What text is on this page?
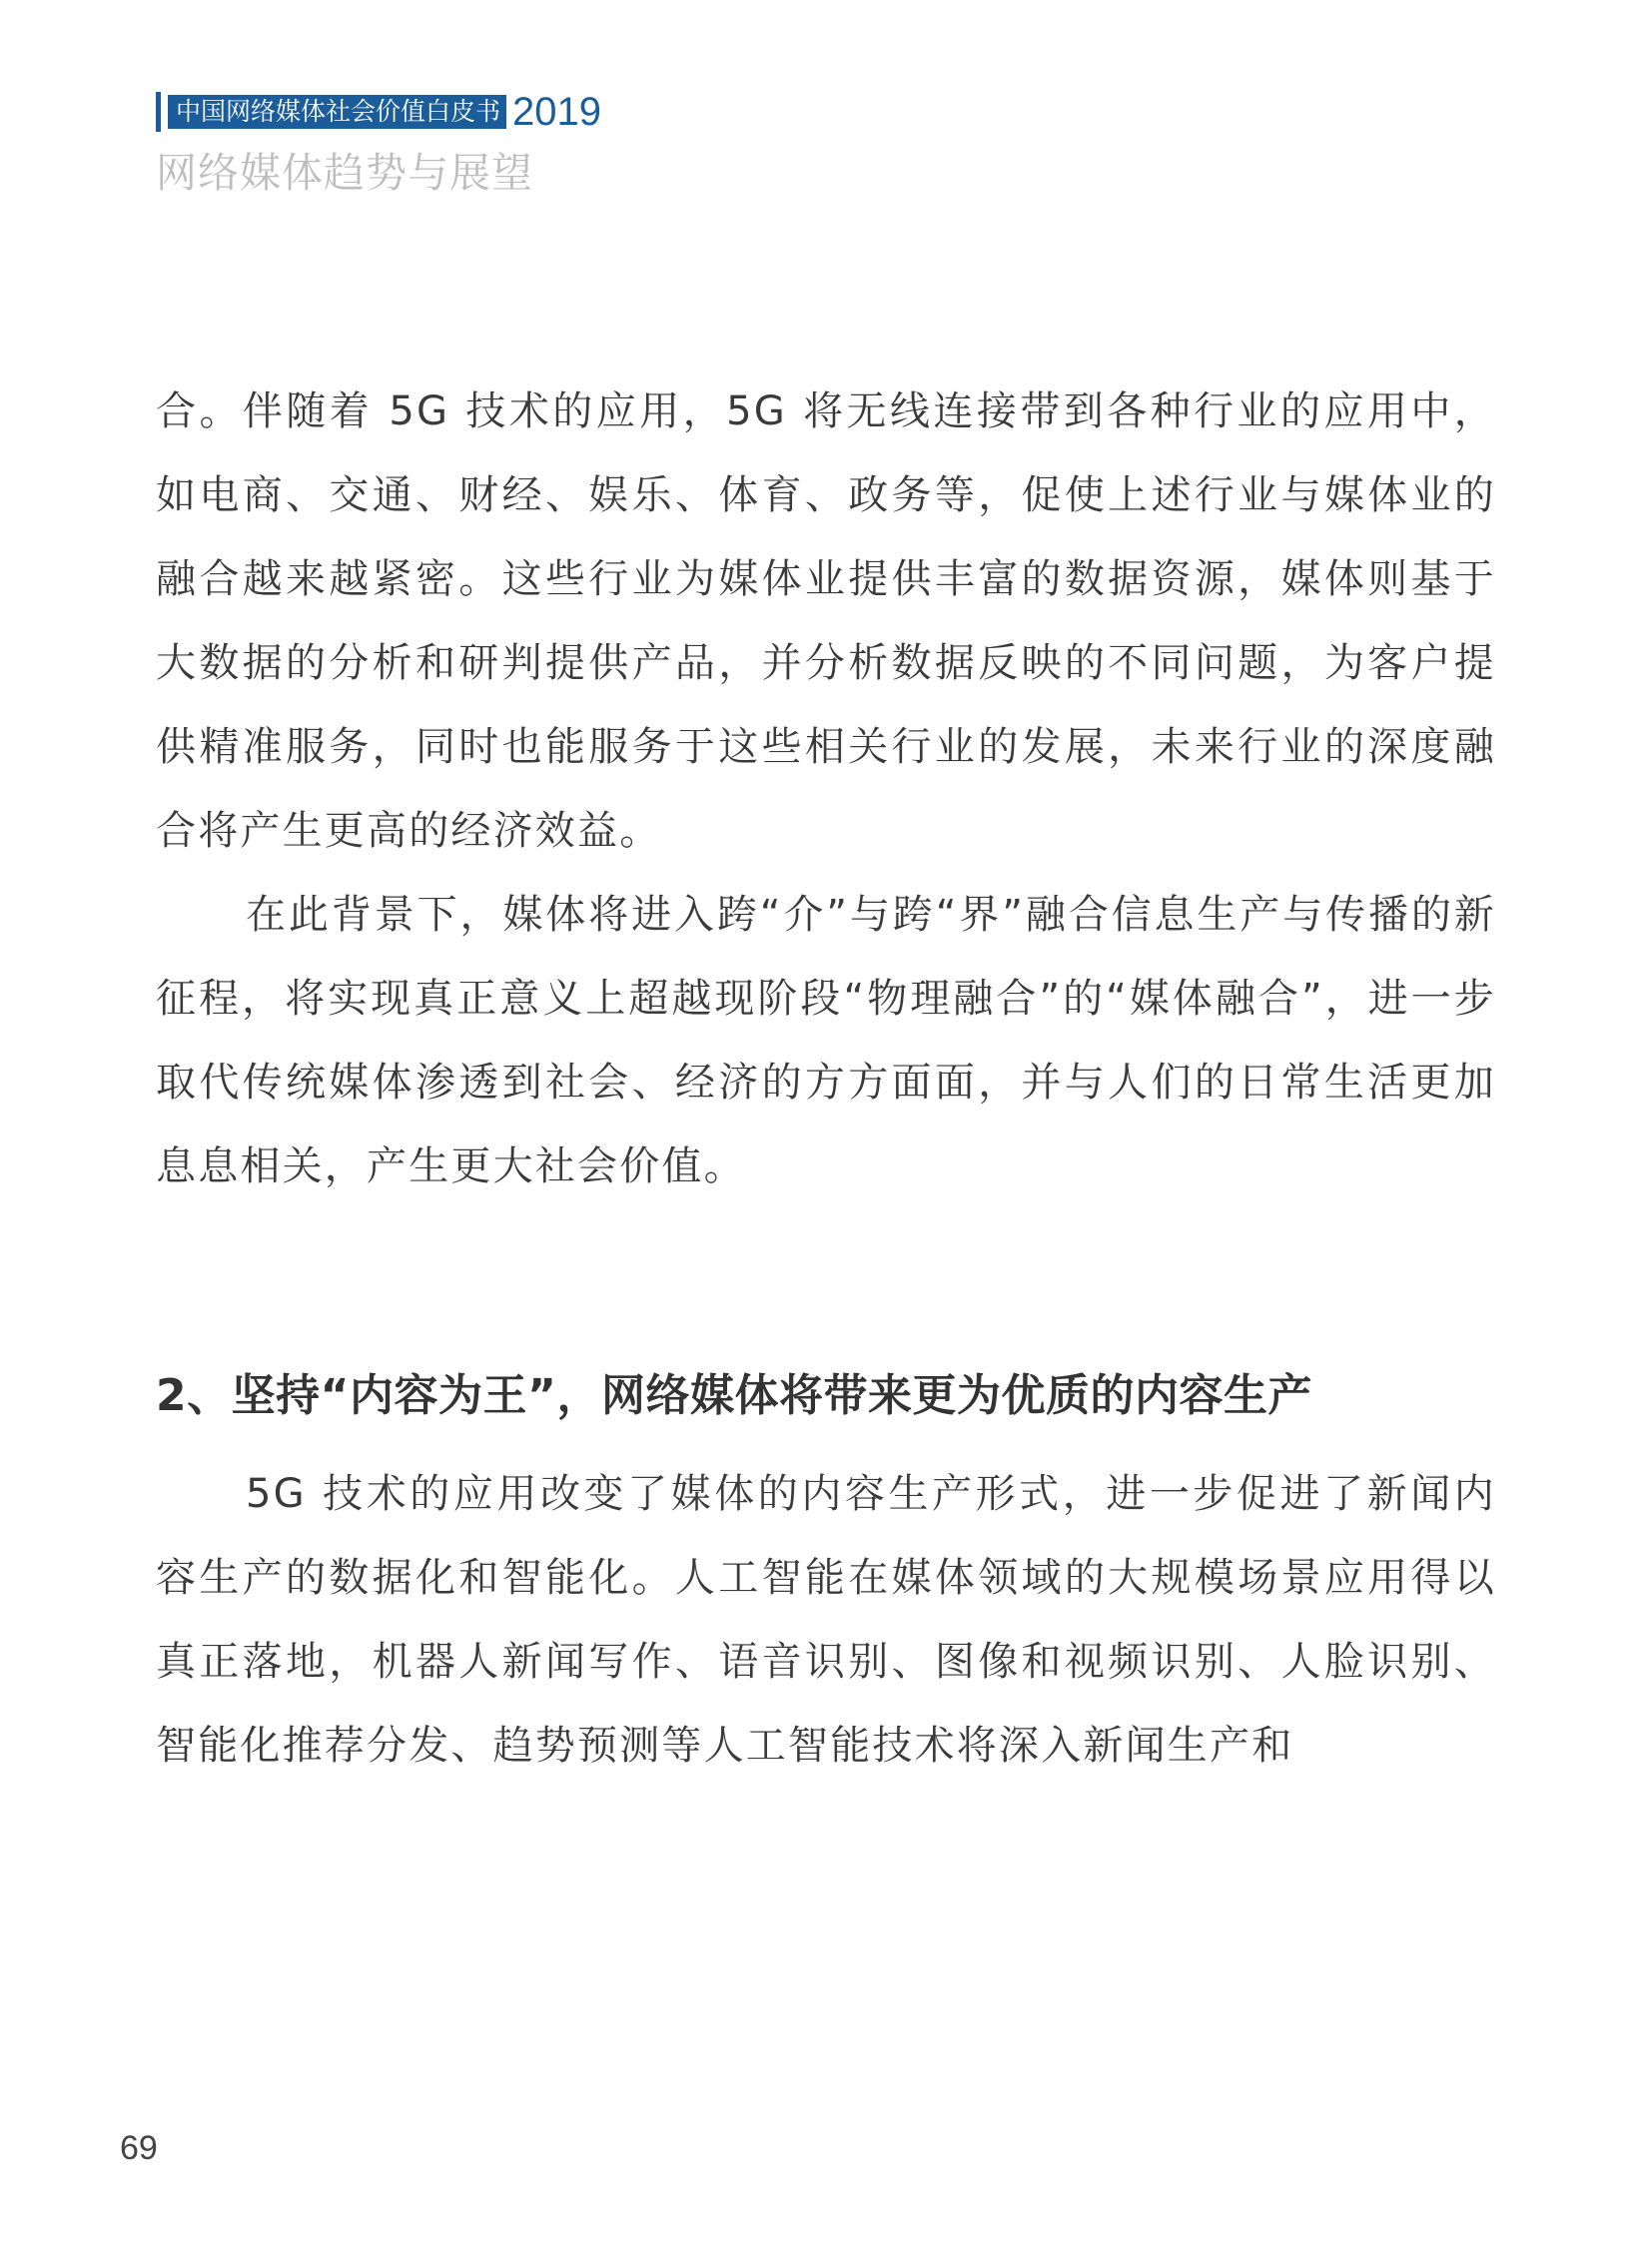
中国网络媒体社会价值白皮书 2019
网络媒体趋势与展望

合。伴随着 5G 技术的应用，5G 将无线连接带到各种行业的应用中，如电商、交通、财经、娱乐、体育、政务等，促使上述行业与媒体业的融合越来越紧密。这些行业为媒体业提供丰富的数据资源，媒体则基于大数据的分析和研判提供产品，并分析数据反映的不同问题，为客户提供精准服务，同时也能服务于这些相关行业的发展，未来行业的深度融合将产生更高的经济效益。

在此背景下，媒体将进入跨“介”与跨“界”融合信息生产与传播的新征程，将实现真正意义上超越现阶段“物理融合”的“媒体融合”，进一步取代传统媒体渗透到社会、经济的方方面面，并与人们的日常生活更加息息相关，产生更大社会价值。

2、坚持“内容为王”，网络媒体将带来更为优质的内容生产

5G 技术的应用改变了媒体的内容生产形式，进一步促进了新闻内容生产的数据化和智能化。人工智能在媒体领域的大规模场景应用得以真正落地，机器人新闻写作、语音识别、图像和视频识别、人脸识别、智能化推荐分发、趋势预测等人工智能技术将深入新闻生产和

69
